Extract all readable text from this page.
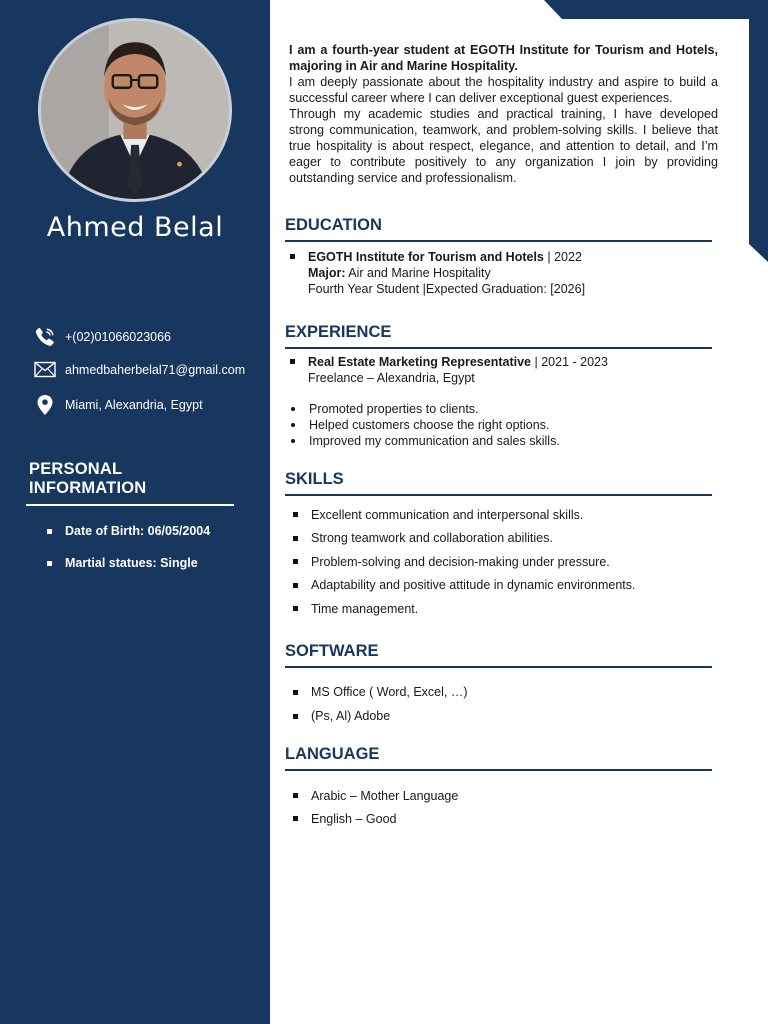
Ahmed Belal
+(02)01066023066
ahmedbaherbelal71@gmail.com
Miami, Alexandria, Egypt
PERSONAL INFORMATION
Date of Birth: 06/05/2004
Martial statues: Single

I am a fourth-year student at EGOTH Institute for Tourism and Hotels, majoring in Air and Marine Hospitality.

I am deeply passionate about the hospitality industry and aspire to build a successful career where I can deliver exceptional guest experiences.

Through my academic studies and practical training, I have developed strong communication, teamwork, and problem-solving skills. I believe that true hospitality is about respect, elegance, and attention to detail, and I’m eager to contribute positively to any organization I join by providing outstanding service and professionalism.

EDUCATION
EGOTH Institute for Tourism and Hotels | 2022
Major: Air and Marine Hospitality
Fourth Year Student |Expected Graduation: [2026]
EXPERIENCE
Real Estate Marketing Representative | 2021 - 2023
Freelance – Alexandria, Egypt
Promoted properties to clients.
Helped customers choose the right options.
Improved my communication and sales skills.
SKILLS
Excellent communication and interpersonal skills.
Strong teamwork and collaboration abilities.
Problem-solving and decision-making under pressure.
Adaptability and positive attitude in dynamic environments.
Time management.
SOFTWARE
MS Office ( Word, Excel, …)
(Ps, Al) Adobe
LANGUAGE
Arabic – Mother Language
English – Good
